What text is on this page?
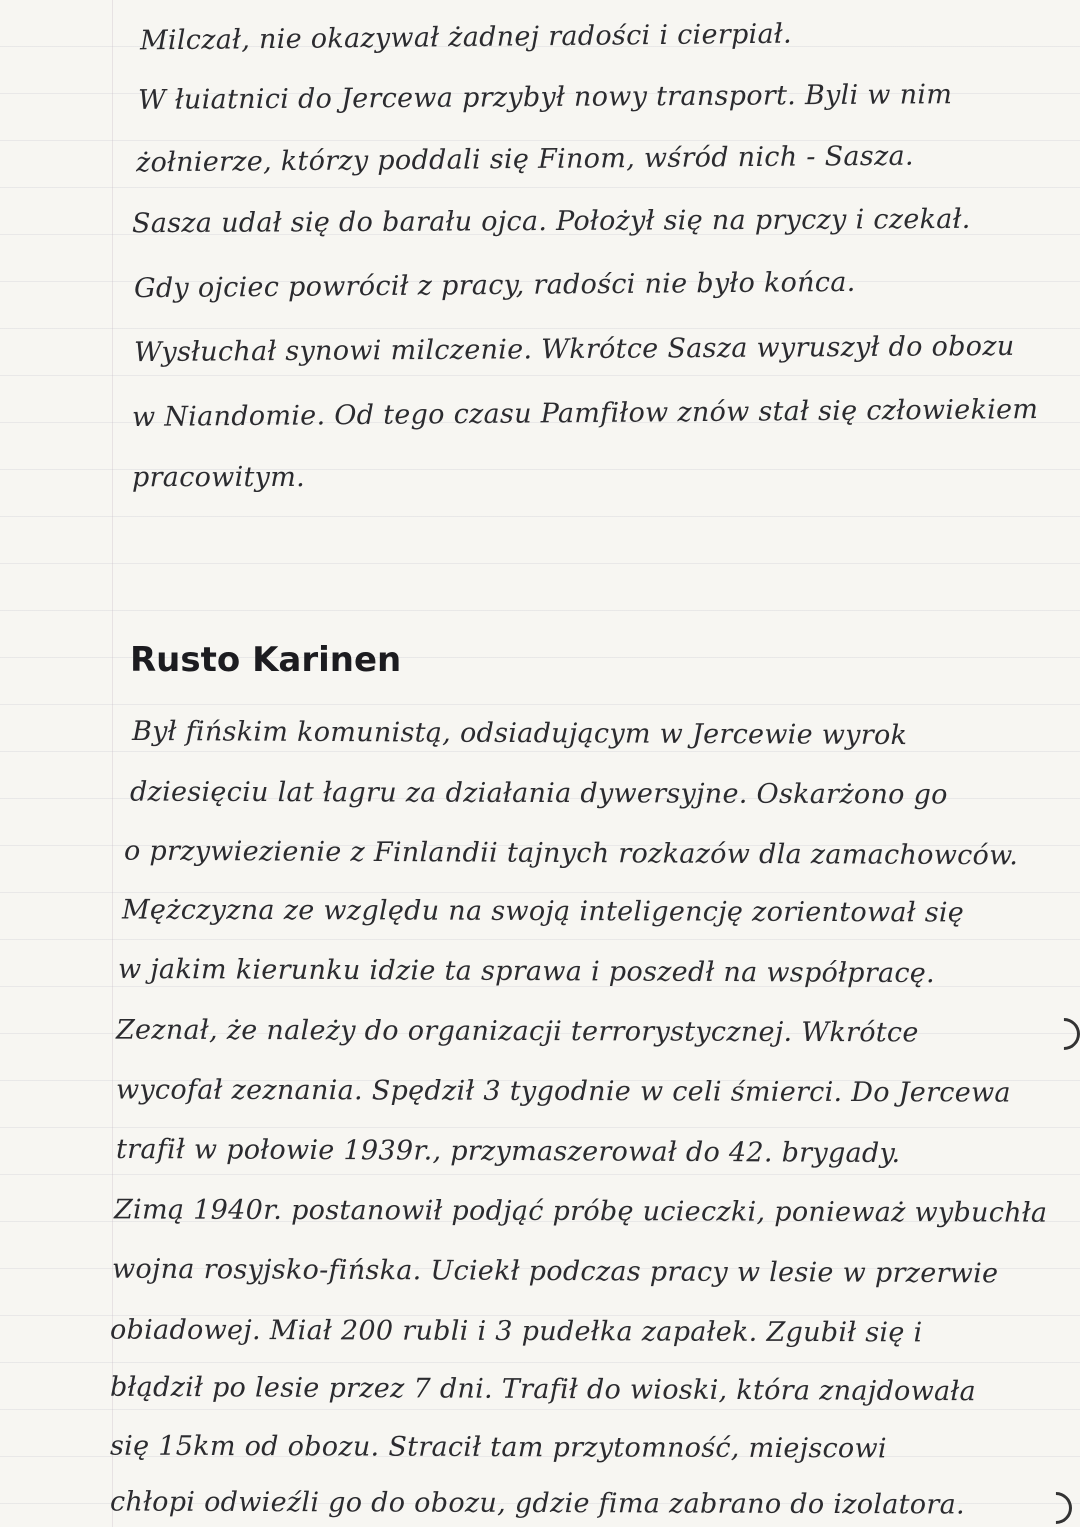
Milczał, nie okazywał żadnej radości i cierpiał.
W łuiatnici do Jercewa przybył nowy transport. Byli w nim
żołnierze, którzy poddali się Finom, wśród nich - Sasza.
Sasza udał się do barału ojca. Położył się na pryczy i czekał.
Gdy ojciec powrócił z pracy, radości nie było końca.
Wysłuchał synowi milczenie. Wkrótce Sasza wyruszył do obozu
w Niandomie. Od tego czasu Pamfiłow znów stał się człowiekiem
pracowitym.
Rusto Karinen
Był fińskim komunistą, odsiadującym w Jercewie wyrok
dziesięciu lat łagru za działania dywersyjne. Oskarżono go
o przywiezienie z Finlandii tajnych rozkazów dla zamachowców.
Mężczyzna ze względu na swoją inteligencję zorientował się
w jakim kierunku idzie ta sprawa i poszedł na współpracę.
Zeznał, że należy do organizacji terrorystycznej. Wkrótce
wycofał zeznania. Spędził 3 tygodnie w celi śmierci. Do Jercewa
trafił w połowie 1939r., przymaszerował do 42. brygady.
Zimą 1940r. postanowił podjąć próbę ucieczki, ponieważ wybuchła
wojna rosyjsko-fińska. Uciekł podczas pracy w lesie w przerwie
obiadowej. Miał 200 rubli i 3 pudełka zapałek. Zgubił się i
błądził po lesie przez 7 dni. Trafił do wioski, która znajdowała
się 15km od obozu. Stracił tam przytomność, miejscowi
chłopi odwieźli go do obozu, gdzie fima zabrano do izolatora.
